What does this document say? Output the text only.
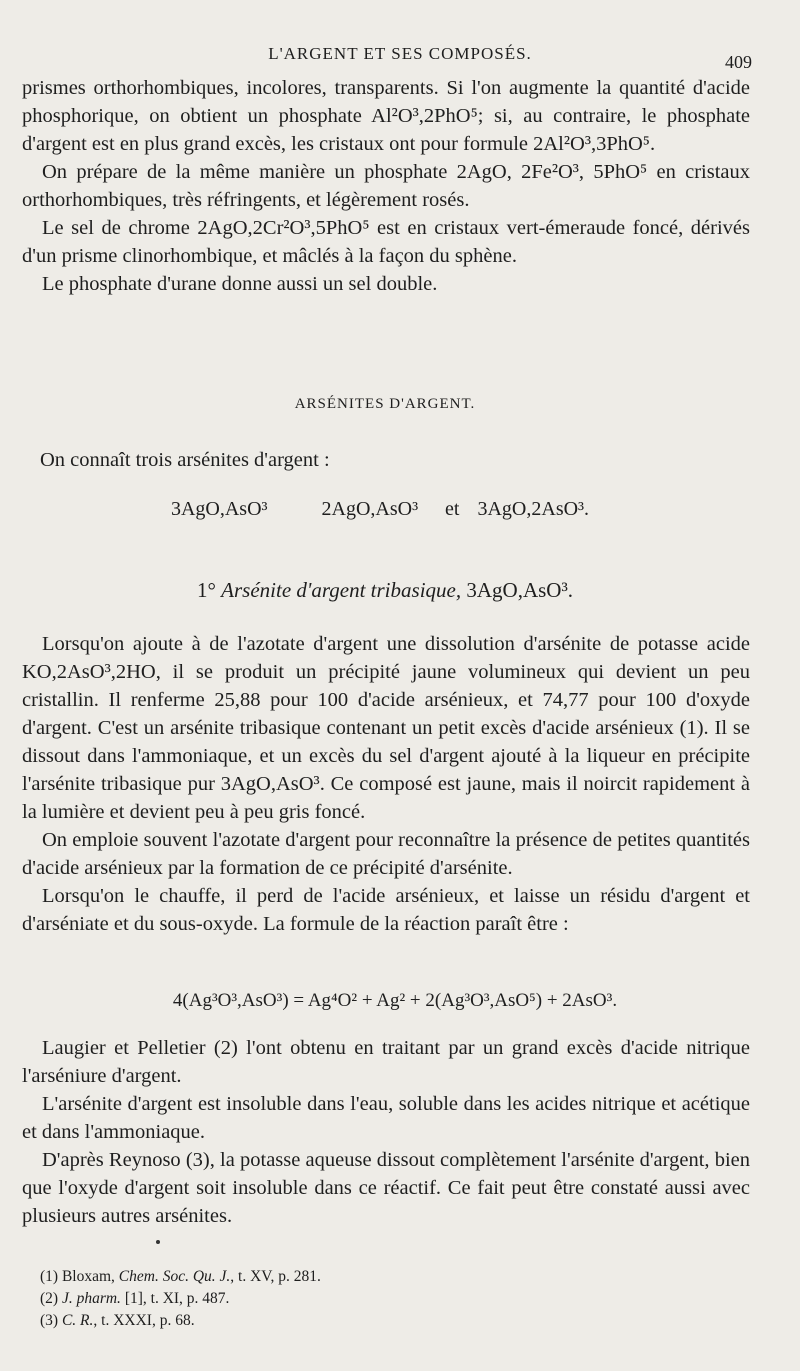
L'ARGENT ET SES COMPOSÉS.	409

prismes orthorhombiques, incolores, transparents. Si l'on augmente la quantité d'acide phosphorique, on obtient un phosphate Al²O³,2PhO⁵; si, au contraire, le phosphate d'argent est en plus grand excès, les cristaux ont pour formule 2Al²O³,3PhO⁵.

On prépare de la même manière un phosphate 2AgO, 2Fe²O³, 5PhO⁵ en cristaux orthorhombiques, très réfringents, et légèrement rosés.

Le sel de chrome 2AgO,2Cr²O³,5PhO⁵ est en cristaux vert-émeraude foncé, dérivés d'un prisme clinorhombique, et mâclés à la façon du sphène.

Le phosphate d'urane donne aussi un sel double.

ARSÉNITES D'ARGENT.
On connaît trois arsénites d'argent :
3AgO,AsO³      2AgO,AsO³   et  3AgO,2AsO³.
1° Arsénite d'argent tribasique, 3AgO,AsO³.

Lorsqu'on ajoute à de l'azotate d'argent une dissolution d'arsénite de potasse acide KO,2AsO³,2HO, il se produit un précipité jaune volumineux qui devient un peu cristallin. Il renferme 25,88 pour 100 d'acide arsénieux, et 74,77 pour 100 d'oxyde d'argent. C'est un arsénite tribasique contenant un petit excès d'acide arsénieux (1). Il se dissout dans l'ammoniaque, et un excès du sel d'argent ajouté à la liqueur en précipite l'arsénite tribasique pur 3AgO,AsO³. Ce composé est jaune, mais il noircit rapidement à la lumière et devient peu à peu gris foncé.

On emploie souvent l'azotate d'argent pour reconnaître la présence de petites quantités d'acide arsénieux par la formation de ce précipité d'arsénite.

Lorsqu'on le chauffe, il perd de l'acide arsénieux, et laisse un résidu d'argent et d'arséniate et du sous-oxyde. La formule de la réaction paraît être :

4(Ag³O³,AsO³) = Ag⁴O² + Ag² + 2(Ag³O³,AsO⁵) + 2AsO³.

Laugier et Pelletier (2) l'ont obtenu en traitant par un grand excès d'acide nitrique l'arséniure d'argent.

L'arsénite d'argent est insoluble dans l'eau, soluble dans les acides nitrique et acétique et dans l'ammoniaque.

D'après Reynoso (3), la potasse aqueuse dissout complètement l'arsénite d'argent, bien que l'oxyde d'argent soit insoluble dans ce réactif. Ce fait peut être constaté aussi avec plusieurs autres arsénites.

(1) Bloxam, Chem. Soc. Qu. J., t. XV, p. 281.
(2) J. pharm. [1], t. XI, p. 487.
(3) C. R., t. XXXI, p. 68.
